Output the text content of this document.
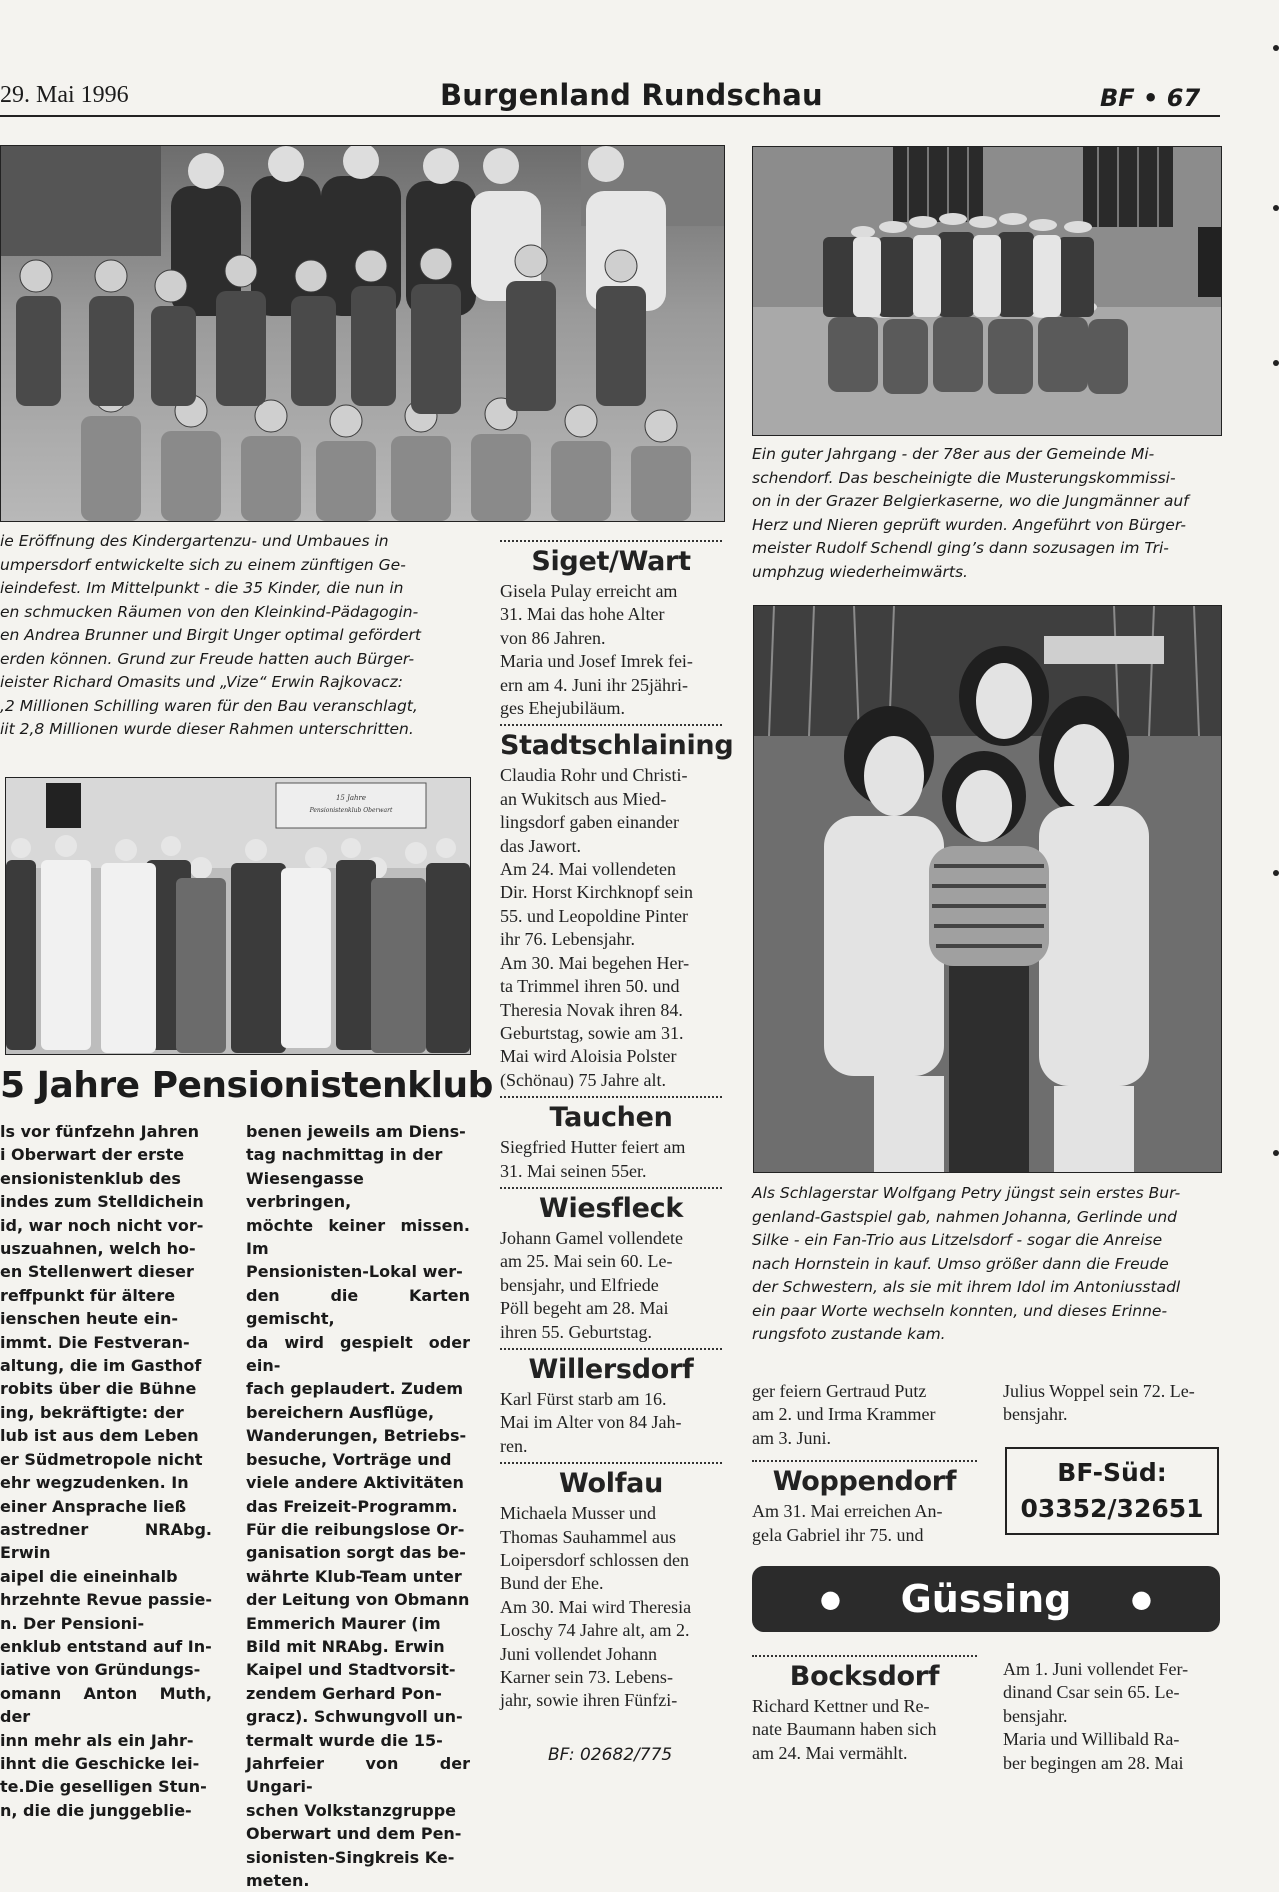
29. Mai 1996	Burgenland Rundschau	BF • 67

ie Eröffnung des Kindergartenzu- und Umbaues in

umpersdorf entwickelte sich zu einem zünftigen Ge-

ieindefest. Im Mittelpunkt - die 35 Kinder, die nun in

en schmucken Räumen von den Kleinkind-Pädagogin-

en Andrea Brunner und Birgit Unger optimal gefördert

erden können. Grund zur Freude hatten auch Bürger-

ieister Richard Omasits und „Vize“ Erwin Rajkovacz:

,2 Millionen Schilling waren für den Bau veranschlagt,

iit 2,8 Millionen wurde dieser Rahmen unterschritten.

15 Jahre
Pensionistenklub Oberwart
5 Jahre Pensionistenklub

ls vor fünfzehn Jahren

i Oberwart der erste

ensionistenklub des

indes zum Stelldichein

id, war noch nicht vor-

uszuahnen, welch ho-

en Stellenwert dieser

reffpunkt für ältere

ienschen heute ein-

immt. Die Festveran-

altung, die im Gasthof

robits über die Bühne

ing, bekräftigte: der

lub ist aus dem Leben

er Südmetropole nicht

ehr wegzudenken. In

einer Ansprache ließ

astredner NRAbg. Erwin

aipel die eineinhalb

hrzehnte Revue passie-

n. Der Pensioni-

enklub entstand auf In-

iative von Gründungs-

omann Anton Muth, der

inn mehr als ein Jahr-

ihnt die Geschicke lei-

te.Die geselligen Stun-

n, die die junggeblie-

benen jeweils am Diens-

tag nachmittag in der

Wiesengasse verbringen,

möchte keiner missen. Im

Pensionisten-Lokal wer-

den die Karten gemischt,

da wird gespielt oder ein-

fach geplaudert. Zudem

bereichern Ausflüge,

Wanderungen, Betriebs-

besuche, Vorträge und

viele andere Aktivitäten

das Freizeit-Programm.

Für die reibungslose Or-

ganisation sorgt das be-

währte Klub-Team unter

der Leitung von Obmann

Emmerich Maurer (im

Bild mit NRAbg. Erwin

Kaipel und Stadtvorsit-

zendem Gerhard Pon-

gracz). Schwungvoll un-

termalt wurde die 15-

Jahrfeier von der Ungari-

schen Volkstanzgruppe

Oberwart und dem Pen-

sionisten-Singkreis Ke-

meten.

Siget/Wart

Gisela Pulay erreicht am

31. Mai das hohe Alter

von 86 Jahren.

Maria und Josef Imrek fei-

ern am 4. Juni ihr 25jähri-

ges Ehejubiläum.

Stadtschlaining

Claudia Rohr und Christi-

an Wukitsch aus Mied-

lingsdorf gaben einander

das Jawort.

Am 24. Mai vollendeten

Dir. Horst Kirchknopf sein

55. und Leopoldine Pinter

ihr 76. Lebensjahr.

Am 30. Mai begehen Her-

ta Trimmel ihren 50. und

Theresia Novak ihren 84.

Geburtstag, sowie am 31.

Mai wird Aloisia Polster

(Schönau) 75 Jahre alt.

Tauchen

Siegfried Hutter feiert am

31. Mai seinen 55er.

Wiesfleck

Johann Gamel vollendete

am 25. Mai sein 60. Le-

bensjahr, und Elfriede

Pöll begeht am 28. Mai

ihren 55. Geburtstag.

Willersdorf

Karl Fürst starb am 16.

Mai im Alter von 84 Jah-

ren.

Wolfau

Michaela Musser und

Thomas Sauhammel aus

Loipersdorf schlossen den

Bund der Ehe.

Am 30. Mai wird Theresia

Loschy 74 Jahre alt, am 2.

Juni vollendet Johann

Karner sein 73. Lebens-

jahr, sowie ihren Fünfzi-

Ein guter Jahrgang - der 78er aus der Gemeinde Mi-

schendorf. Das bescheinigte die Musterungskommissi-

on in der Grazer Belgierkaserne, wo die Jungmänner auf

Herz und Nieren geprüft wurden. Angeführt von Bürger-

meister Rudolf Schendl ging’s dann sozusagen im Tri-

umphzug wiederheimwärts.

Als Schlagerstar Wolfgang Petry jüngst sein erstes Bur-

genland-Gastspiel gab, nahmen Johanna, Gerlinde und

Silke - ein Fan-Trio aus Litzelsdorf - sogar die Anreise

nach Hornstein in kauf. Umso größer dann die Freude

der Schwestern, als sie mit ihrem Idol im Antoniusstadl

ein paar Worte wechseln konnten, und dieses Erinne-

rungsfoto zustande kam.

ger feiern Gertraud Putz

am 2. und Irma Krammer

am 3. Juni.

Woppendorf

Am 31. Mai erreichen An-

gela Gabriel ihr 75. und

Julius Woppel sein 72. Le-

bensjahr.

BF-Süd:
03352/32651
● Güssing ●
Bocksdorf

Richard Kettner und Re-

nate Baumann haben sich

am 24. Mai vermählt.

Am 1. Juni vollendet Fer-

dinand Csar sein 65. Le-

bensjahr.

Maria und Willibald Ra-

ber begingen am 28. Mai

BF: 02682/775
